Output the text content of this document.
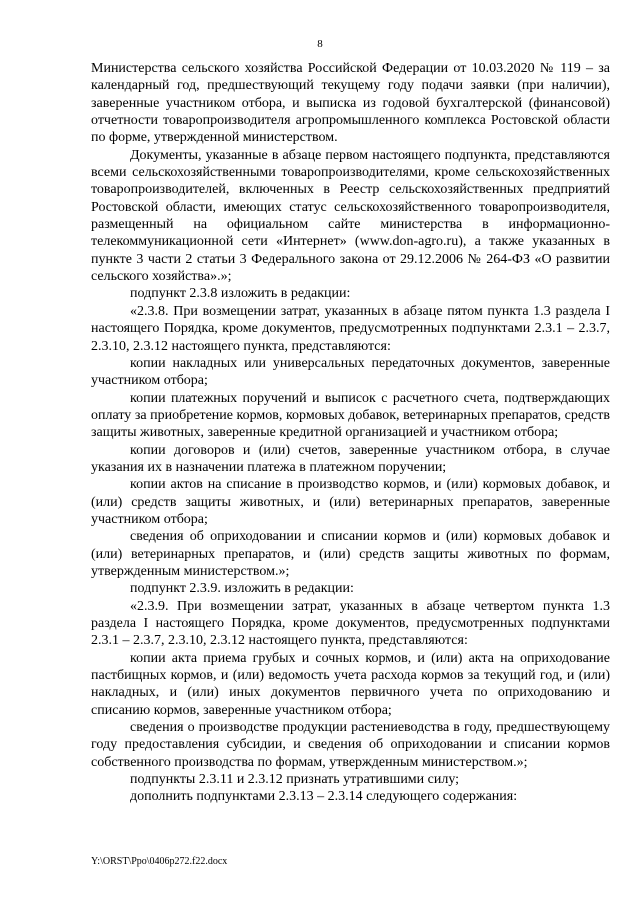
8

Министерства сельского хозяйства Российской Федерации от 10.03.2020 № 119 – за календарный год, предшествующий текущему году подачи заявки (при наличии), заверенные участником отбора, и выписка из годовой бухгалтерской (финансовой) отчетности товаропроизводителя агропромышленного комплекса Ростовской области по форме, утвержденной министерством.

Документы, указанные в абзаце первом настоящего подпункта, представляются всеми сельскохозяйственными товаропроизводителями, кроме сельскохозяйственных товаропроизводителей, включенных в Реестр сельскохозяйственных предприятий Ростовской области, имеющих статус сельскохозяйственного товаропроизводителя, размещенный на официальном сайте министерства в информационно-телекоммуникационной сети «Интернет» (www.don-agro.ru), а также указанных в пункте 3 части 2 статьи 3 Федерального закона от 29.12.2006 № 264-ФЗ «О развитии сельского хозяйства».»;

подпункт 2.3.8 изложить в редакции:

«2.3.8. При возмещении затрат, указанных в абзаце пятом пункта 1.3 раздела I настоящего Порядка, кроме документов, предусмотренных подпунктами 2.3.1 – 2.3.7, 2.3.10, 2.3.12 настоящего пункта, представляются:

копии накладных или универсальных передаточных документов, заверенные участником отбора;

копии платежных поручений и выписок с расчетного счета, подтверждающих оплату за приобретение кормов, кормовых добавок, ветеринарных препаратов, средств защиты животных, заверенные кредитной организацией и участником отбора;

копии договоров и (или) счетов, заверенные участником отбора, в случае указания их в назначении платежа в платежном поручении;

копии актов на списание в производство кормов, и (или) кормовых добавок, и (или) средств защиты животных, и (или) ветеринарных препаратов, заверенные участником отбора;

сведения об оприходовании и списании кормов и (или) кормовых добавок и (или) ветеринарных препаратов, и (или) средств защиты животных по формам, утвержденным министерством.»;

подпункт 2.3.9. изложить в редакции:

«2.3.9. При возмещении затрат, указанных в абзаце четвертом пункта 1.3 раздела I настоящего Порядка, кроме документов, предусмотренных подпунктами 2.3.1 – 2.3.7, 2.3.10, 2.3.12 настоящего пункта, представляются:

копии акта приема грубых и сочных кормов, и (или) акта на оприходование пастбищных кормов, и (или) ведомость учета расхода кормов за текущий год, и (или) накладных, и (или) иных документов первичного учета по оприходованию и списанию кормов, заверенные участником отбора;

сведения о производстве продукции растениеводства в году, предшествующему году предоставления субсидии, и сведения об оприходовании и списании кормов собственного производства по формам, утвержденным министерством.»;

подпункты 2.3.11 и 2.3.12 признать утратившими силу;

дополнить подпунктами 2.3.13 – 2.3.14 следующего содержания:

Y:\ORST\Ppo\0406p272.f22.docx
